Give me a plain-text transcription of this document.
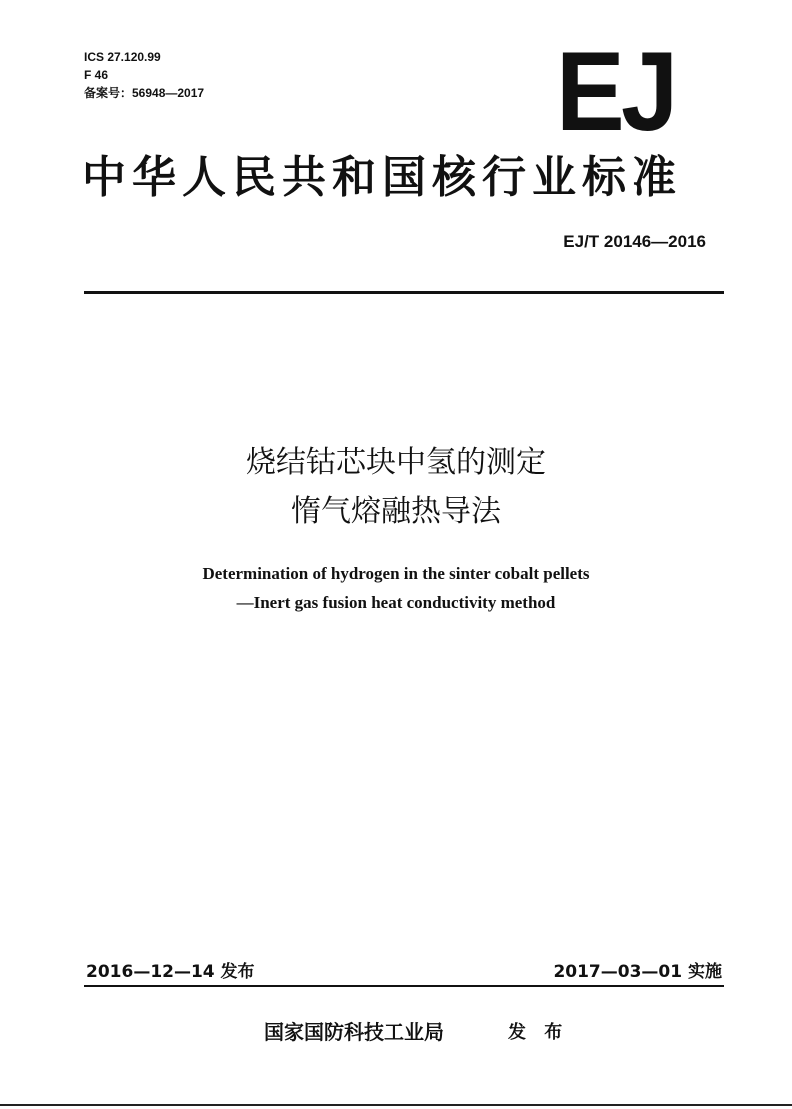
ICS 27.120.99
F 46
备案号：56948—2017	EJ
中华人民共和国核行业标准
EJ/T 20146—2016
烧结钴芯块中氢的测定
惰气熔融热导法
Determination of hydrogen in the sinter cobalt pellets
—Inert gas fusion heat conductivity method
2016—12—14 发布	2017—03—01 实施
国家国防科技工业局	发 布
